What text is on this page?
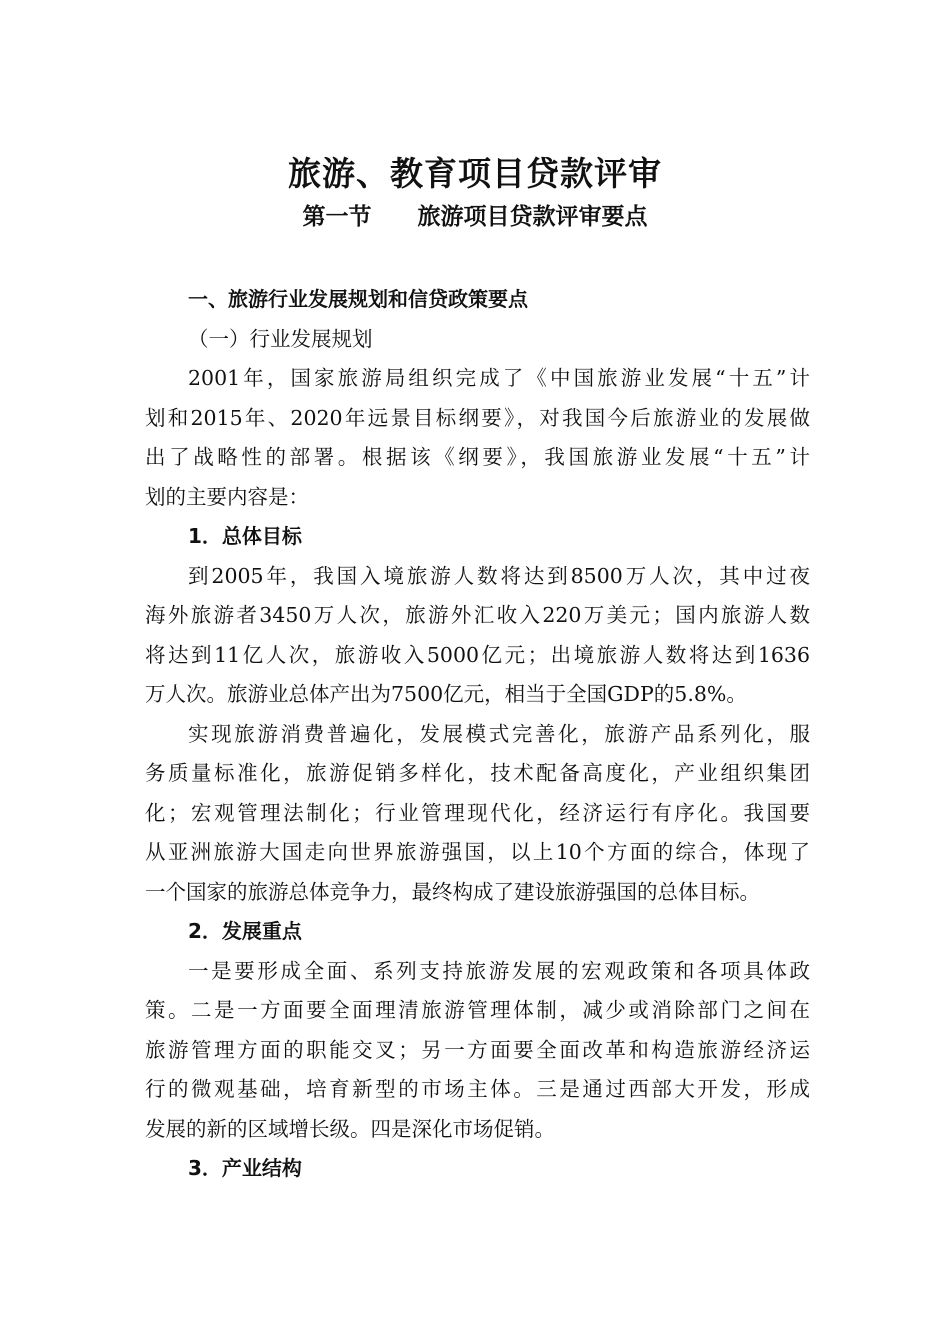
旅游、教育项目贷款评审
第一节　　旅游项目贷款评审要点
一、旅游行业发展规划和信贷政策要点
（一）行业发展规划
2001年，国家旅游局组织完成了《中国旅游业发展“十五”计
划和2015年、2020年远景目标纲要》，对我国今后旅游业的发展做
出了战略性的部署。根据该《纲要》，我国旅游业发展“十五”计
划的主要内容是：
1．总体目标
到2005年，我国入境旅游人数将达到8500万人次，其中过夜
海外旅游者3450万人次，旅游外汇收入220万美元；国内旅游人数
将达到11亿人次，旅游收入5000亿元；出境旅游人数将达到1636
万人次。旅游业总体产出为7500亿元，相当于全国GDP的5.8%。
实现旅游消费普遍化，发展模式完善化，旅游产品系列化，服
务质量标准化，旅游促销多样化，技术配备高度化，产业组织集团
化；宏观管理法制化；行业管理现代化，经济运行有序化。我国要
从亚洲旅游大国走向世界旅游强国，以上10个方面的综合，体现了
一个国家的旅游总体竞争力，最终构成了建设旅游强国的总体目标。
2．发展重点
一是要形成全面、系列支持旅游发展的宏观政策和各项具体政
策。二是一方面要全面理清旅游管理体制，减少或消除部门之间在
旅游管理方面的职能交叉；另一方面要全面改革和构造旅游经济运
行的微观基础，培育新型的市场主体。三是通过西部大开发，形成
发展的新的区域增长级。四是深化市场促销。
3．产业结构
